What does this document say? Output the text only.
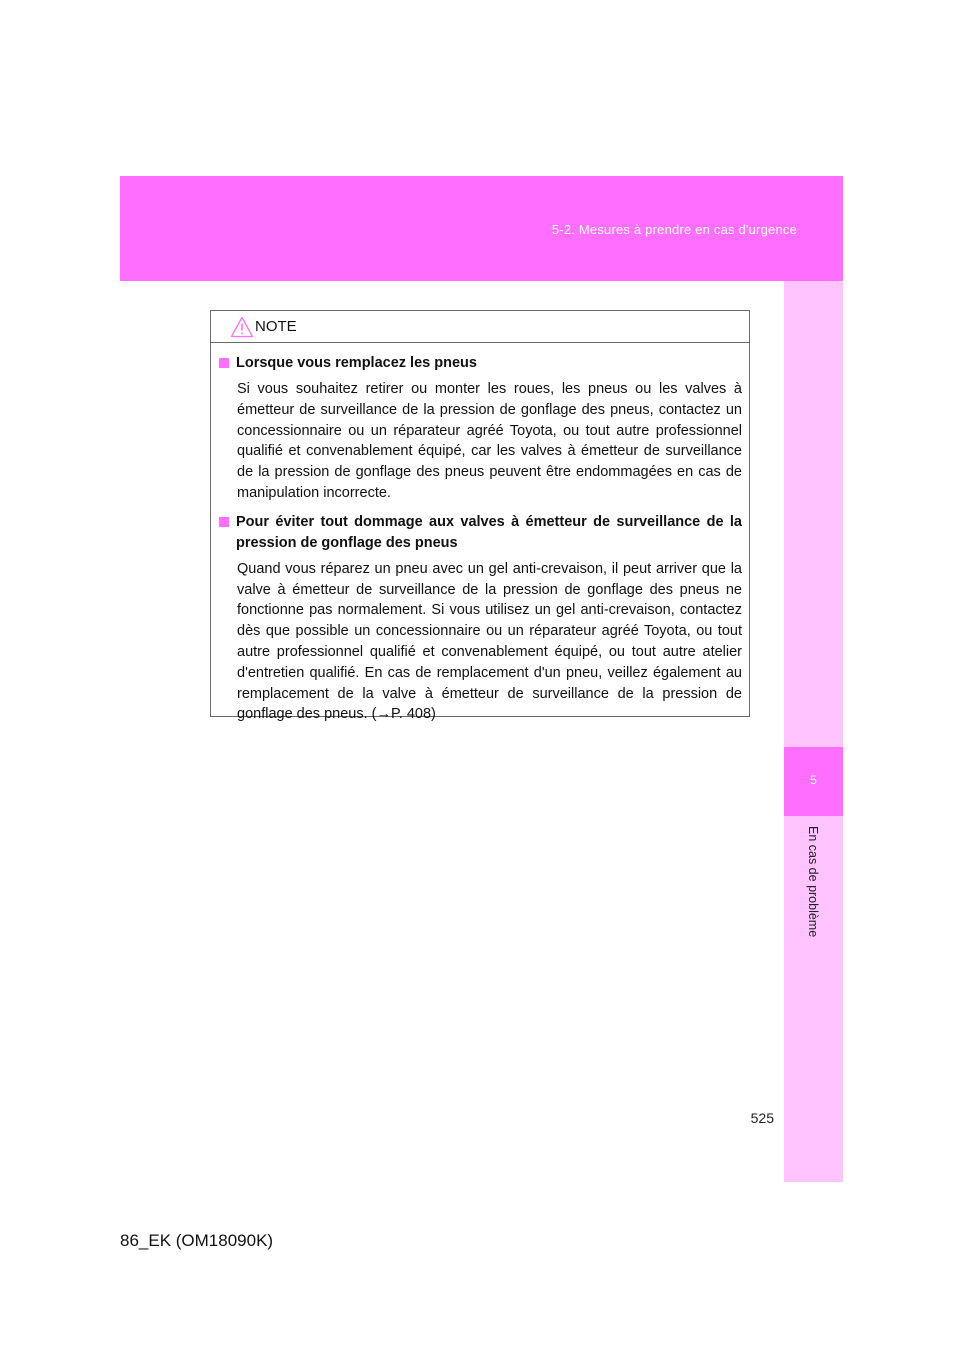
5-2. Mesures à prendre en cas d'urgence
5
En cas de problème
NOTE
Lorsque vous remplacez les pneus
Si vous souhaitez retirer ou monter les roues, les pneus ou les valves à émetteur de surveillance de la pression de gonflage des pneus, contactez un concessionnaire ou un réparateur agréé Toyota, ou tout autre professionnel qualifié et convenablement équipé, car les valves à émetteur de surveillance de la pression de gonflage des pneus peuvent être endommagées en cas de manipulation incorrecte.
Pour éviter tout dommage aux valves à émetteur de surveillance de la pression de gonflage des pneus
Quand vous réparez un pneu avec un gel anti-crevaison, il peut arriver que la valve à émetteur de surveillance de la pression de gonflage des pneus ne fonctionne pas normalement. Si vous utilisez un gel anti-crevaison, contactez dès que possible un concessionnaire ou un réparateur agréé Toyota, ou tout autre professionnel qualifié et convenablement équipé, ou tout autre atelier d'entretien qualifié. En cas de remplacement d'un pneu, veillez également au remplacement de la valve à émetteur de surveillance de la pression de gonflage des pneus. (→P. 408)
525
86_EK (OM18090K)
